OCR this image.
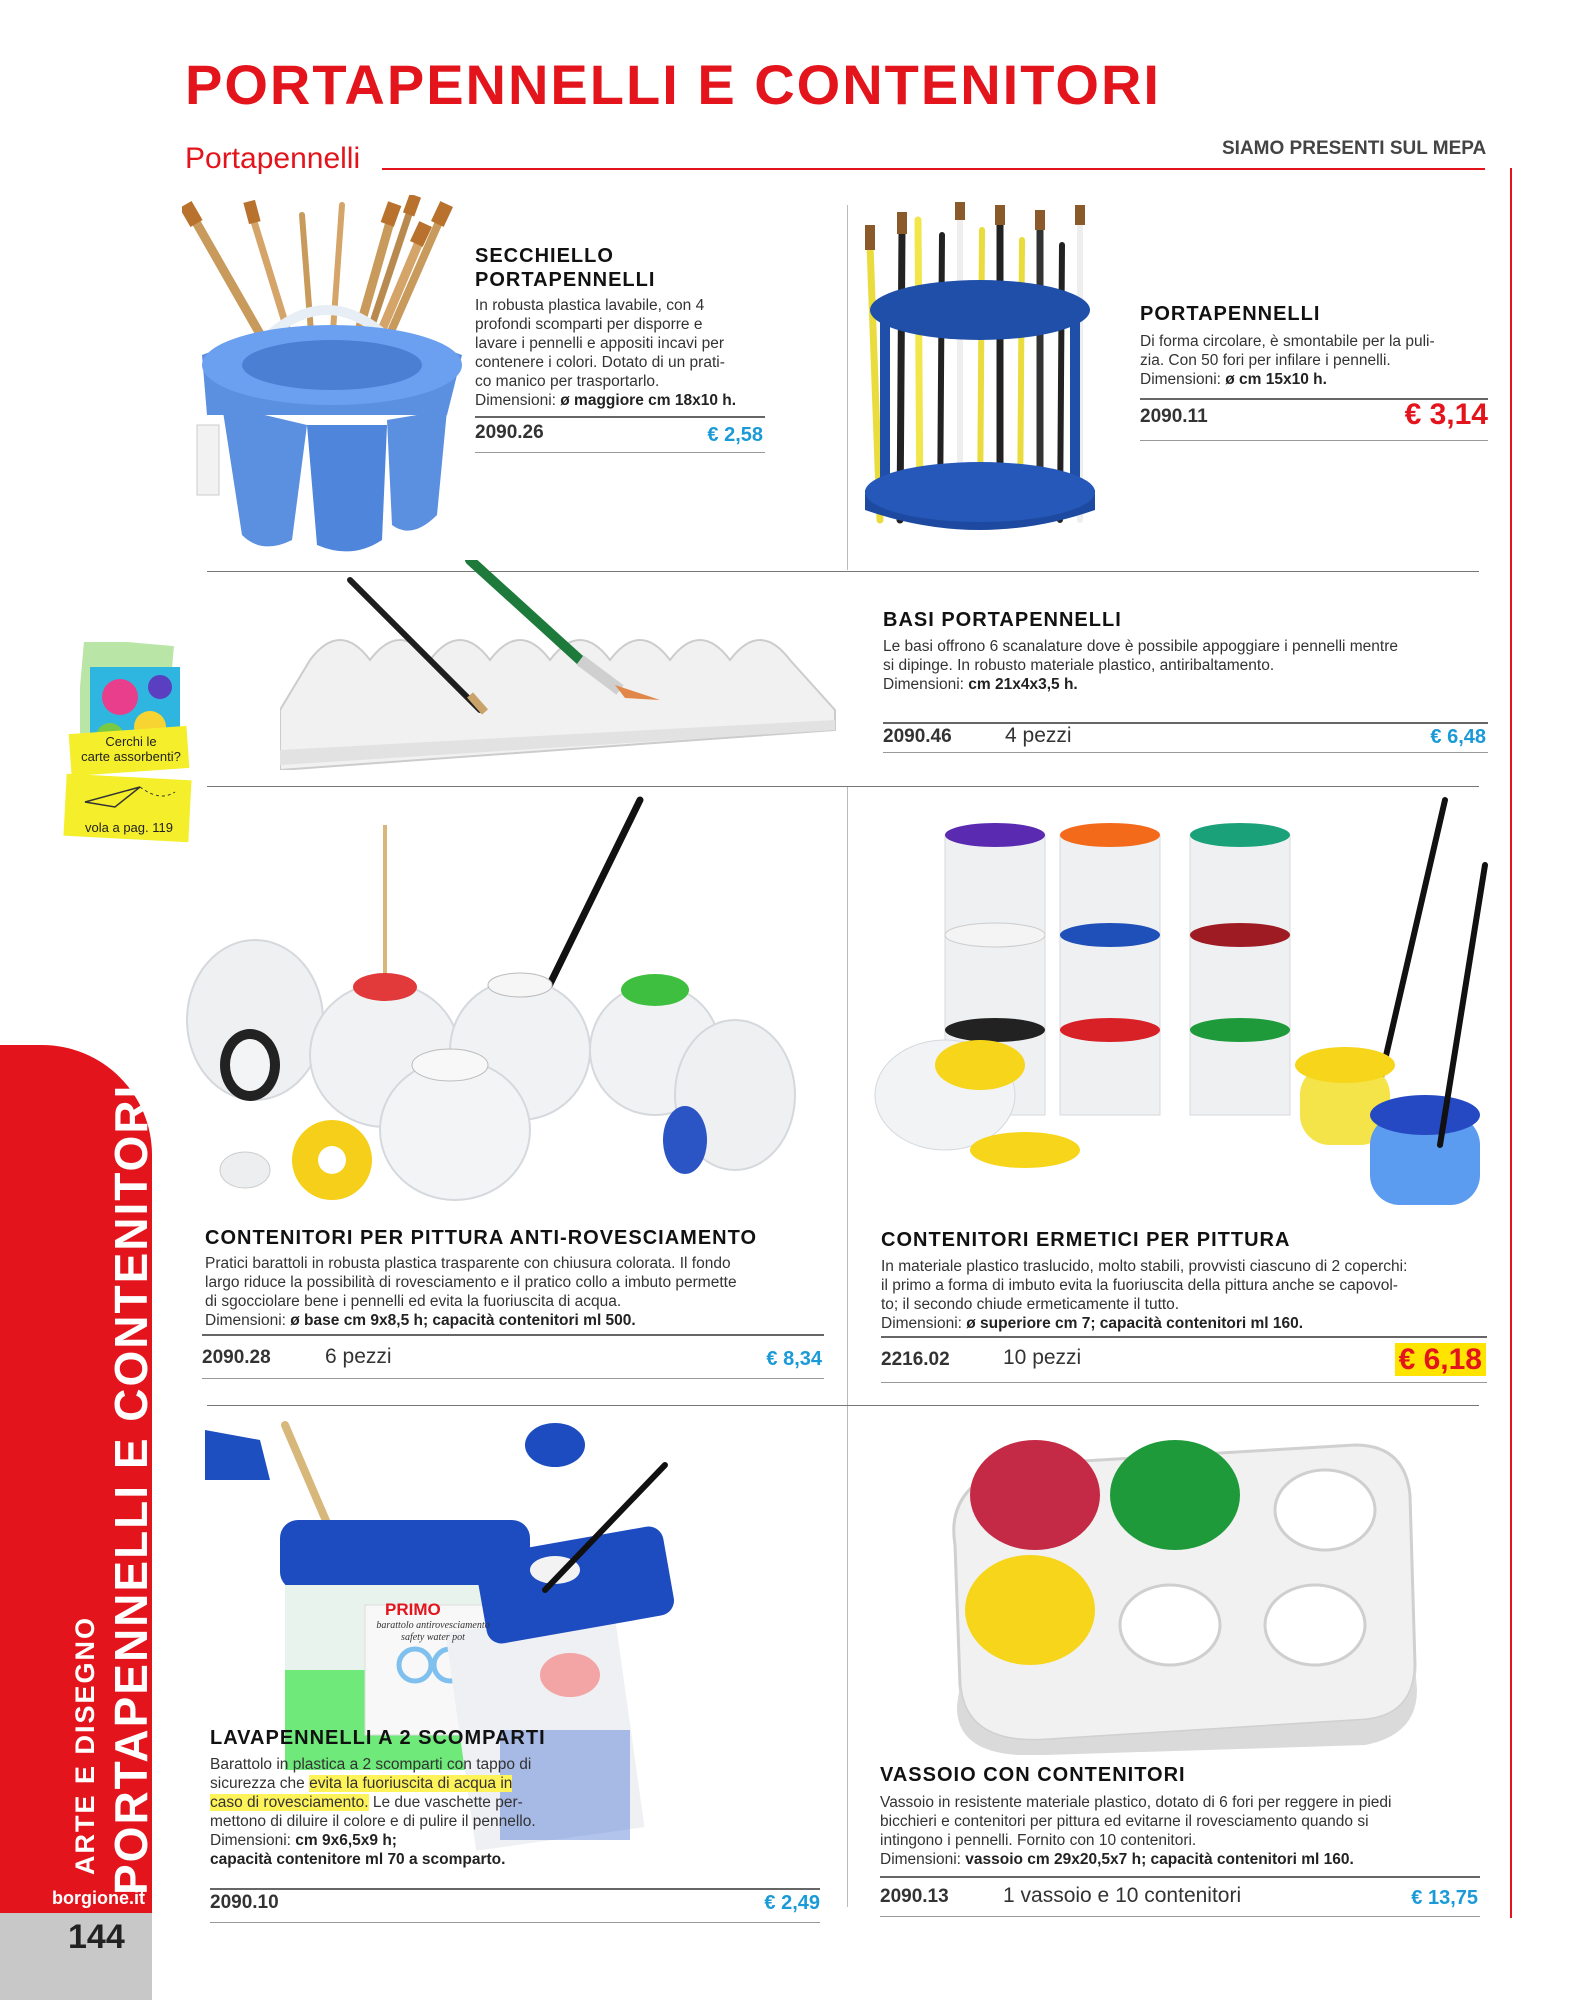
PORTAPENNELLI E CONTENITORI
Portapennelli	SIAMO PRESENTI SUL MEPA
SECCHIELLO
PORTAPENNELLI
In robusta plastica lavabile, con 4
profondi scomparti per disporre e
lavare i pennelli e appositi incavi per
contenere i colori. Dotato di un prati-
co manico per trasportarlo.
Dimensioni: ø maggiore cm 18x10 h.
2090.26	€ 2,58
PORTAPENNELLI
Di forma circolare, è smontabile per la puli-
zia. Con 50 fori per infilare i pennelli.
Dimensioni: ø cm 15x10 h.
2090.11	€ 3,14
BASI PORTAPENNELLI
Le basi offrono 6 scanalature dove è possibile appoggiare i pennelli mentre
si dipinge. In robusto materiale plastico, antiribaltamento.
Dimensioni: cm 21x4x3,5 h.
2090.46	4 pezzi	€ 6,48
Cerchi le
carte assorbenti?
vola a pag. 119
CONTENITORI PER PITTURA ANTI-ROVESCIAMENTO
Pratici barattoli in robusta plastica trasparente con chiusura colorata. Il fondo
largo riduce la possibilità di rovesciamento e il pratico collo a imbuto permette
di sgocciolare bene i pennelli ed evita la fuoriuscita di acqua.
Dimensioni: ø base cm 9x8,5 h; capacità contenitori ml 500.
2090.28	6 pezzi	€ 8,34
CONTENITORI ERMETICI PER PITTURA
In materiale plastico traslucido, molto stabili, provvisti ciascuno di 2 coperchi:
il primo a forma di imbuto evita la fuoriuscita della pittura anche se capovol-
to; il secondo chiude ermeticamente il tutto.
Dimensioni: ø superiore cm 7; capacità contenitori ml 160.
2216.02	10 pezzi	€ 6,18
PRIMO
barattolo antirovesciamento
safety water pot
LAVAPENNELLI A 2 SCOMPARTI
Barattolo in plastica a 2 scomparti con tappo di
sicurezza che evita la fuoriuscita di acqua in
caso di rovesciamento. Le due vaschette per-
mettono di diluire il colore e di pulire il pennello.
Dimensioni: cm 9x6,5x9 h;
capacità contenitore ml 70 a scomparto.
2090.10	€ 2,49
VASSOIO CON CONTENITORI
Vassoio in resistente materiale plastico, dotato di 6 fori per reggere in piedi
bicchieri e contenitori per pittura ed evitarne il rovesciamento quando si
intingono i pennelli. Fornito con 10 contenitori.
Dimensioni: vassoio cm 29x20,5x7 h; capacità contenitori ml 160.
2090.13	1 vassoio e 10 contenitori	€ 13,75
ARTE E DISEGNO PORTAPENNELLI E CONTENITORI
borgione.it
144
